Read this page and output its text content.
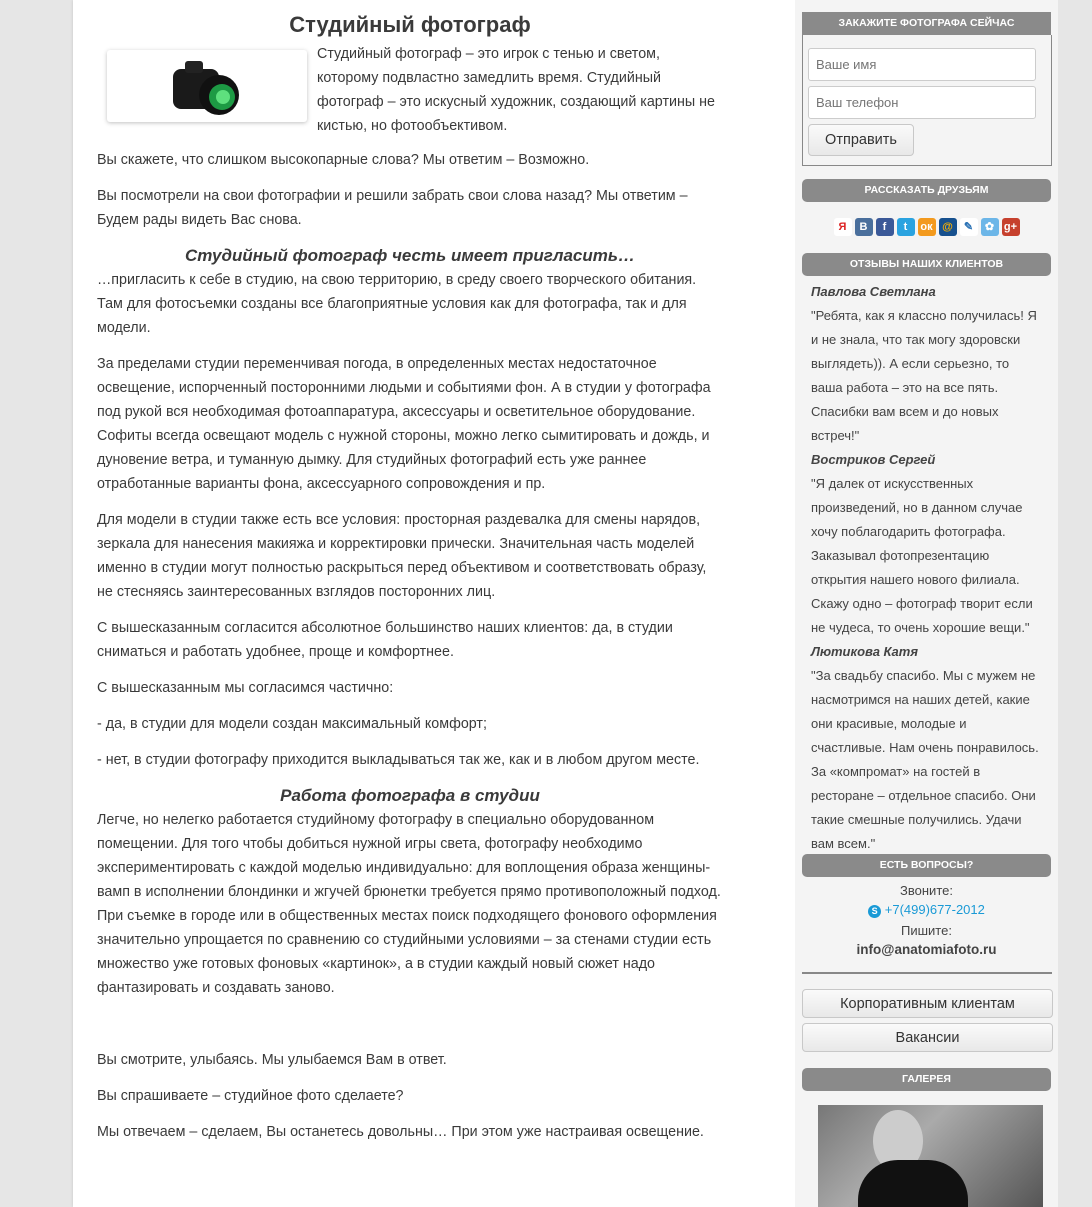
Студийный фотограф

Студийный фотограф – это игрок с тенью и светом, которому подвластно замедлить время. Студийный фотограф – это искусный художник, создающий картины не кистью, но фотообъективом.

Вы скажете, что слишком высокопарные слова? Мы ответим – Возможно.

Вы посмотрели на свои фотографии и решили забрать свои слова назад? Мы ответим – Будем рады видеть Вас снова.

Студийный фотограф честь имеет пригласить…

…пригласить к себе в студию, на свою территорию, в среду своего творческого обитания. Там для фотосъемки созданы все благоприятные условия как для фотографа, так и для модели.

За пределами студии переменчивая погода, в определенных местах недостаточное освещение, испорченный посторонними людьми и событиями фон. А в студии у фотографа под рукой вся необходимая фотоаппаратура, аксессуары и осветительное оборудование. Софиты всегда освещают модель с нужной стороны, можно легко сымитировать и дождь, и дуновение ветра, и туманную дымку. Для студийных фотографий есть уже раннее отработанные варианты фона, аксессуарного сопровождения и пр.

Для модели в студии также есть все условия: просторная раздевалка для смены нарядов, зеркала для нанесения макияжа и корректировки прически. Значительная часть моделей именно в студии могут полностью раскрыться перед объективом и соответствовать образу, не стесняясь заинтересованных взглядов посторонних лиц.

С вышесказанным согласится абсолютное большинство наших клиентов: да, в студии сниматься и работать удобнее, проще и комфортнее.

С вышесказанным мы согласимся частично:

- да, в студии для модели создан максимальный комфорт;

- нет, в студии фотографу приходится выкладываться так же, как и в любом другом месте.

Работа фотографа в студии

Легче, но нелегко работается студийному фотографу в специально оборудованном помещении. Для того чтобы добиться нужной игры света, фотографу необходимо экспериментировать с каждой моделью индивидуально: для воплощения образа женщины-вамп в исполнении блондинки и жгучей брюнетки требуется прямо противоположный подход. При съемке в городе или в общественных местах поиск подходящего фонового оформления значительно упрощается по сравнению со студийными условиями – за стенами студии есть множество уже готовых фоновых «картинок», а в студии каждый новый сюжет надо фантазировать и создавать заново.

Вы смотрите, улыбаясь. Мы улыбаемся Вам в ответ.

Вы спрашиваете – студийное фото сделаете?

Мы отвечаем – сделаем, Вы останетесь довольны… При этом уже настраивая освещение.

ЗАКАЖИТЕ ФОТОГРАФА СЕЙЧАС
Ваше имя
Ваш телефон Отправить
РАССКАЗАТЬ ДРУЗЬЯМ
Я	B	f	t	ок @	✎	✿ g+
ОТЗЫВЫ НАШИХ КЛИЕНТОВ
Павлова Светлана
"Ребята, как я классно получилась! Я и не знала, что так могу здоровски выглядеть)). А если серьезно, то ваша работа – это на все пять. Спасибки вам всем и до новых встреч!"
Востриков Сергей
"Я далек от искусственных произведений, но в данном случае хочу поблагодарить фотографа. Заказывал фотопрезентацию открытия нашего нового филиала. Скажу одно – фотограф творит если не чудеса, то очень хорошие вещи."
Лютикова Катя
"За свадьбу спасибо. Мы с мужем не насмотримся на наших детей, какие они красивые, молодые и счастливые. Нам очень понравилось. За «компромат» на гостей в ресторане – отдельное спасибо. Они такие смешные получились. Удачи вам всем."
ЕСТЬ ВОПРОСЫ?
Звоните:
S +7(499)677-2012
Пишите:
info@anatomiafoto.ru
Корпоративным клиентам
Вакансии
ГАЛЕРЕЯ
